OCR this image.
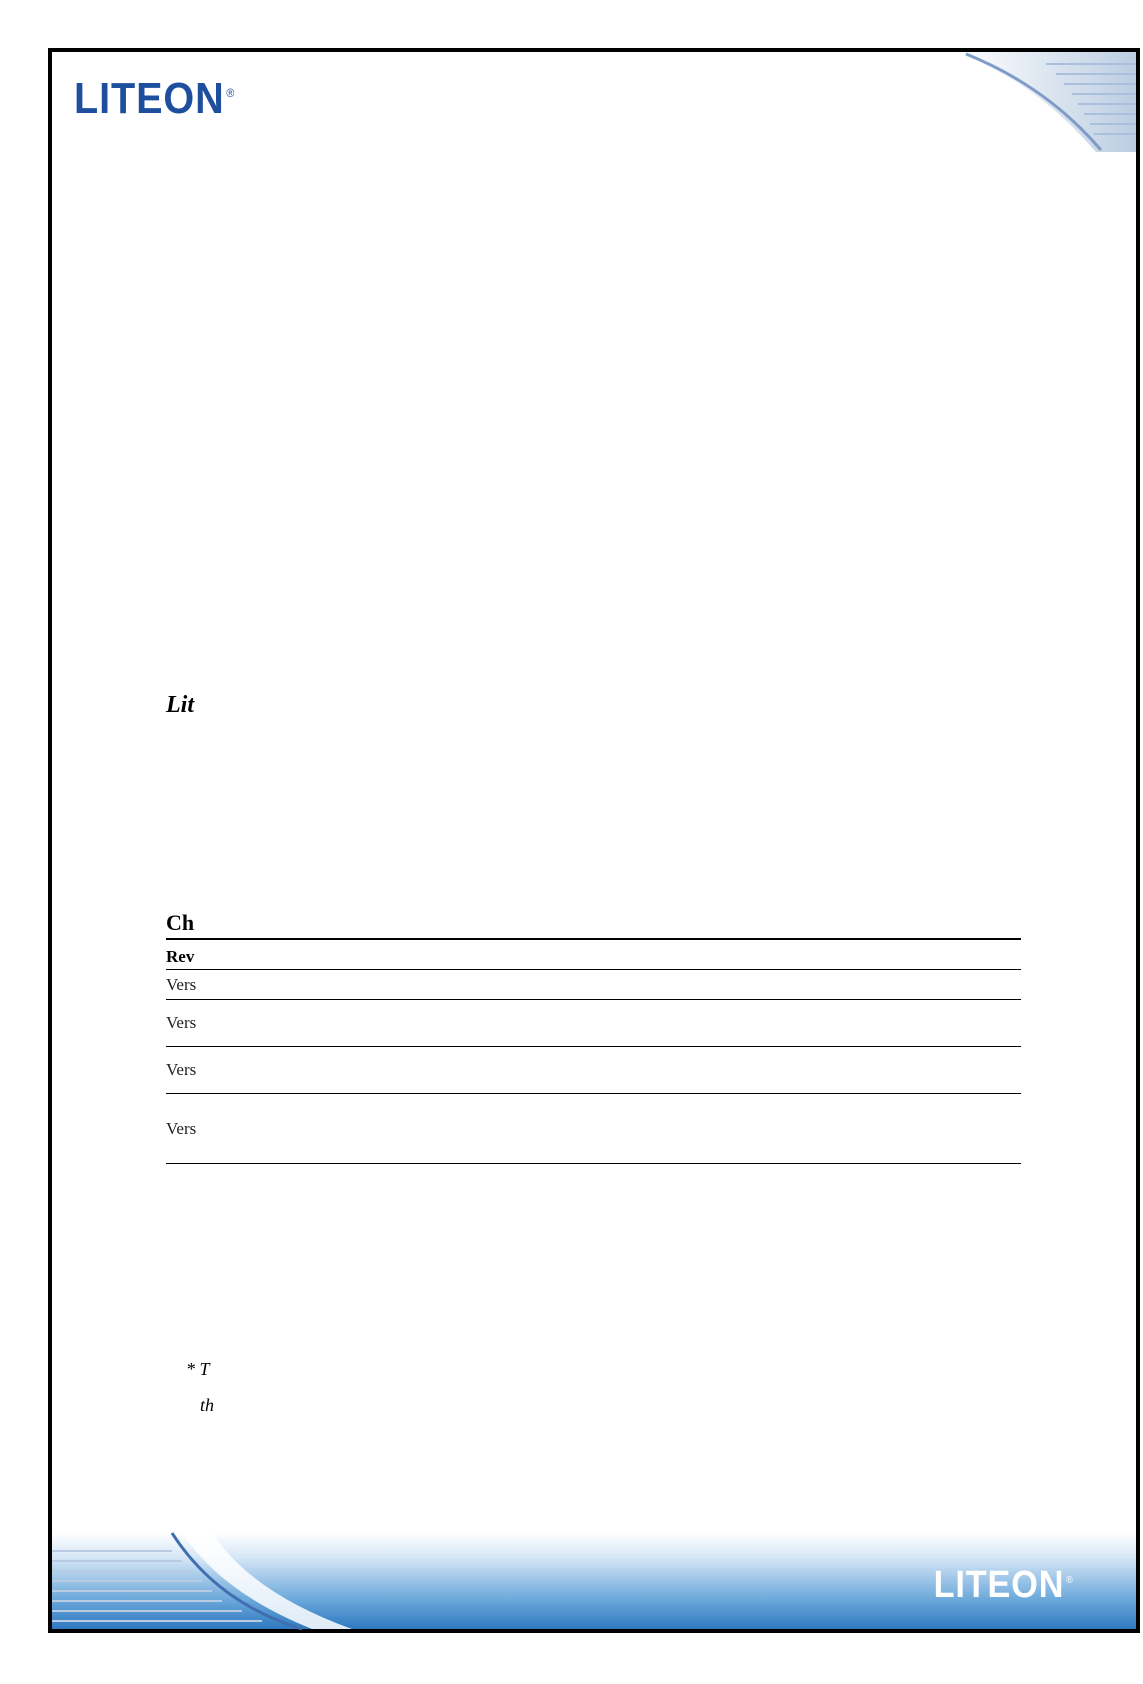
LITEON ®
LITEON ®
Lit
Ch
Rev
Vers
Vers
Vers
Vers
* T
th
